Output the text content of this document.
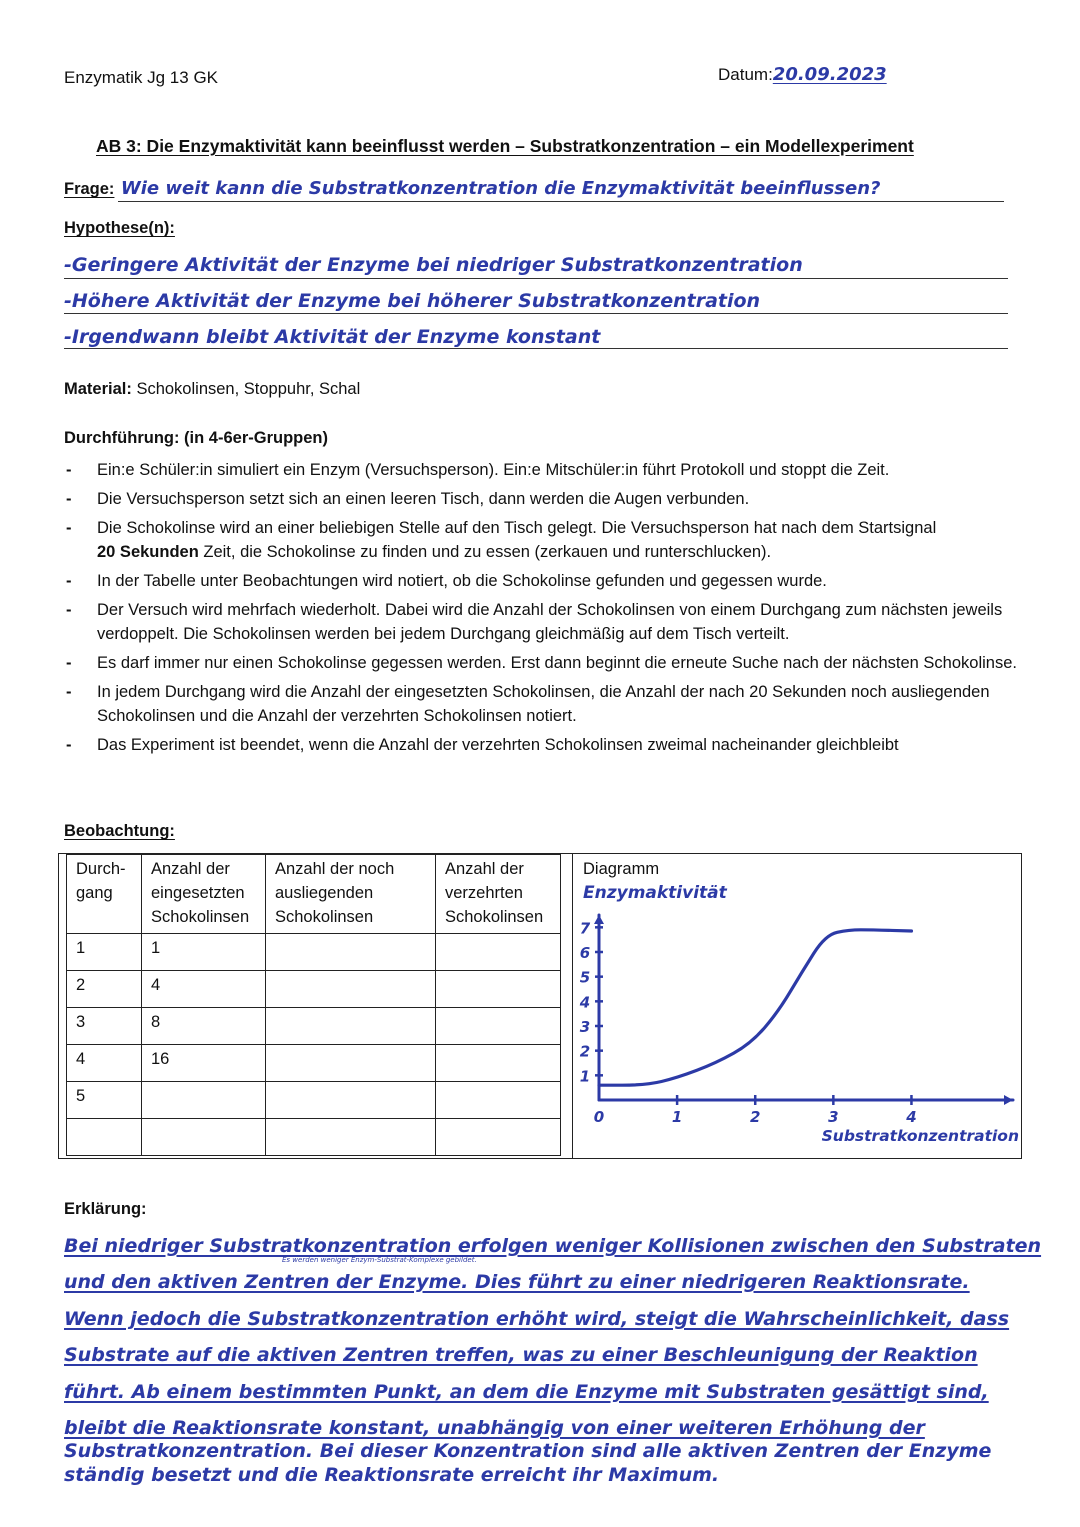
Enzymatik Jg 13 GK	Datum:20.09.2023
AB 3: Die Enzymaktivität kann beeinflusst werden – Substratkonzentration – ein Modellexperiment
Frage: Wie weit kann die Substratkonzentration die Enzymaktivität beeinflussen?
Hypothese(n):
-Geringere Aktivität der Enzyme bei niedriger Substratkonzentration
-Höhere Aktivität der Enzyme bei höherer Substratkonzentration
-Irgendwann bleibt Aktivität der Enzyme konstant
Material: Schokolinsen, Stoppuhr, Schal
Durchführung: (in 4-6er-Gruppen)
- Ein:e Schüler:in simuliert ein Enzym (Versuchsperson). Ein:e Mitschüler:in führt Protokoll und stoppt die Zeit.
- Die Versuchsperson setzt sich an einen leeren Tisch, dann werden die Augen verbunden.
- Die Schokolinse wird an einer beliebigen Stelle auf den Tisch gelegt. Die Versuchsperson hat nach dem Startsignal
20 Sekunden Zeit, die Schokolinse zu finden und zu essen (zerkauen und runterschlucken).
- In der Tabelle unter Beobachtungen wird notiert, ob die Schokolinse gefunden und gegessen wurde.
- Der Versuch wird mehrfach wiederholt. Dabei wird die Anzahl der Schokolinsen von einem Durchgang zum nächsten jeweils verdoppelt. Die Schokolinsen werden bei jedem Durchgang gleichmäßig auf dem Tisch verteilt.
- Es darf immer nur einen Schokolinse gegessen werden. Erst dann beginnt die erneute Suche nach der nächsten Schokolinse.
- In jedem Durchgang wird die Anzahl der eingesetzten Schokolinsen, die Anzahl der nach 20 Sekunden noch ausliegenden Schokolinsen und die Anzahl der verzehrten Schokolinsen notiert.
- Das Experiment ist beendet, wenn die Anzahl der verzehrten Schokolinsen zweimal nacheinander gleichbleibt
Beobachtung:
Durch- gang	Anzahl der eingesetzten Schokolinsen	Anzahl der noch ausliegenden Schokolinsen	Anzahl der verzehrten Schokolinsen
1	1		
2	4		
3	8		
4	16		
5			

Diagramm
Enzymaktivität
Substratkonzentration
0	1	2	3	4
1
2
3
4
5
6
7
Erklärung:
Es werden weniger Enzym-Substrat-Komplexe gebildet.
Bei niedriger Substratkonzentration erfolgen weniger Kollisionen zwischen den Substraten
und den aktiven Zentren der Enzyme. Dies führt zu einer niedrigeren Reaktionsrate.
Wenn jedoch die Substratkonzentration erhöht wird, steigt die Wahrscheinlichkeit, dass
Substrate auf die aktiven Zentren treffen, was zu einer Beschleunigung der Reaktion
führt. Ab einem bestimmten Punkt, an dem die Enzyme mit Substraten gesättigt sind,
bleibt die Reaktionsrate konstant, unabhängig von einer weiteren Erhöhung der
Substratkonzentration. Bei dieser Konzentration sind alle aktiven Zentren der Enzyme
ständig besetzt und die Reaktionsrate erreicht ihr Maximum.
